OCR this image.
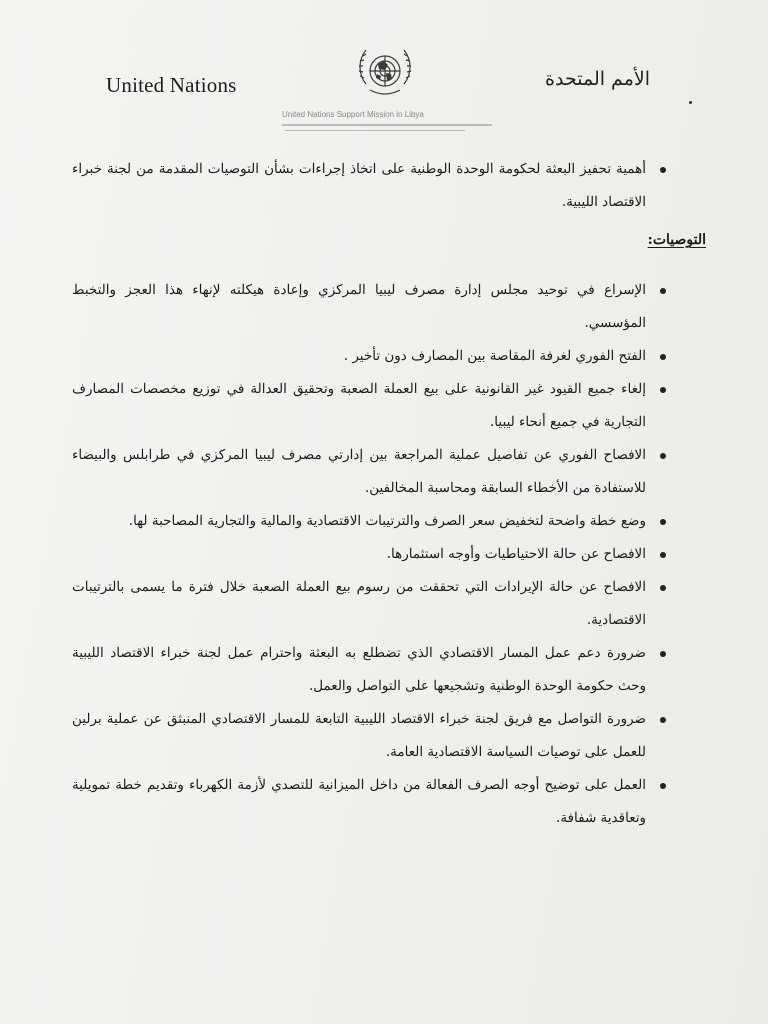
United Nations
United Nations Support Mission in Libya
الأمم المتحدة
أهمية تحفيز البعثة لحكومة الوحدة الوطنية على اتخاذ إجراءات بشأن التوصيات المقدمة من لجنة خبراء الاقتصاد الليبية.
التوصيات:
الإسراع في توحيد مجلس إدارة مصرف ليبيا المركزي وإعادة هيكلته لإنهاء هذا العجز والتخبط المؤسسي.
الفتح الفوري لغرفة المقاصة بين المصارف دون تأخير .
إلغاء جميع القيود غير القانونية على بيع العملة الصعبة وتحقيق العدالة في توزيع مخصصات المصارف التجارية في جميع أنحاء ليبيا.
الافصاح الفوري عن تفاصيل عملية المراجعة بين إدارتي مصرف ليبيا المركزي في طرابلس والبيضاء للاستفادة من الأخطاء السابقة ومحاسبة المخالفين.
وضع خطة واضحة لتخفيض سعر الصرف والترتيبات الاقتصادية والمالية والتجارية المصاحبة لها.
الافصاح عن حالة الاحتياطيات وأوجه استثمارها.
الافصاح عن حالة الإيرادات التي تحققت من رسوم بيع العملة الصعبة خلال فترة ما يسمى بالترتيبات الاقتصادية.
ضرورة دعم عمل المسار الاقتصادي الذي تضطلع به البعثة واحترام عمل لجنة خبراء الاقتصاد الليبية وحث حكومة الوحدة الوطنية وتشجيعها على التواصل والعمل.
ضرورة التواصل مع فريق لجنة خبراء الاقتصاد الليبية التابعة للمسار الاقتصادي المنبثق عن عملية برلين للعمل على توصيات السياسة الاقتصادية العامة.
العمل على توضيح أوجه الصرف الفعالة من داخل الميزانية للتصدي لأزمة الكهرباء وتقديم خطة تمويلية وتعاقدية شفافة.
